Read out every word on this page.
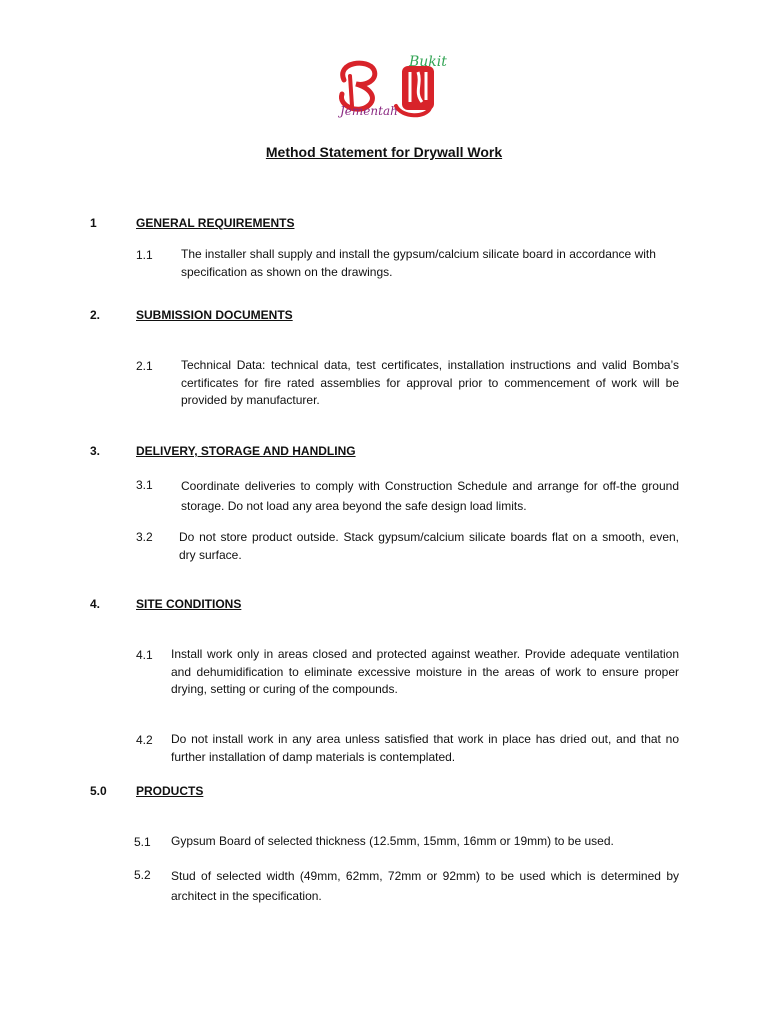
Bukit
Jementah
Method Statement for Drywall Work
1	GENERAL REQUIREMENTS
1.1 The installer shall supply and install the gypsum/calcium silicate board in accordance with specification as shown on the drawings.
2.	SUBMISSION DOCUMENTS
2.1 Technical Data: technical data, test certificates, installation instructions and valid Bomba’s certificates for fire rated assemblies for approval prior to commencement of work will be provided by manufacturer.
3.	DELIVERY, STORAGE AND HANDLING
3.1 Coordinate deliveries to comply with Construction Schedule and arrange for off-the ground storage. Do not load any area beyond the safe design load limits.
3.2 Do not store product outside. Stack gypsum/calcium silicate boards flat on a smooth, even, dry surface.
4.	SITE CONDITIONS
4.1 Install work only in areas closed and protected against weather. Provide adequate ventilation and dehumidification to eliminate excessive moisture in the areas of work to ensure proper drying, setting or curing of the compounds.
4.2 Do not install work in any area unless satisfied that work in place has dried out, and that no further installation of damp materials is contemplated.
5.0 PRODUCTS
5.1 Gypsum Board of selected thickness (12.5mm, 15mm, 16mm or 19mm) to be used.
5.2 Stud of selected width (49mm, 62mm, 72mm or 92mm) to be used which is determined by architect in the specification.
